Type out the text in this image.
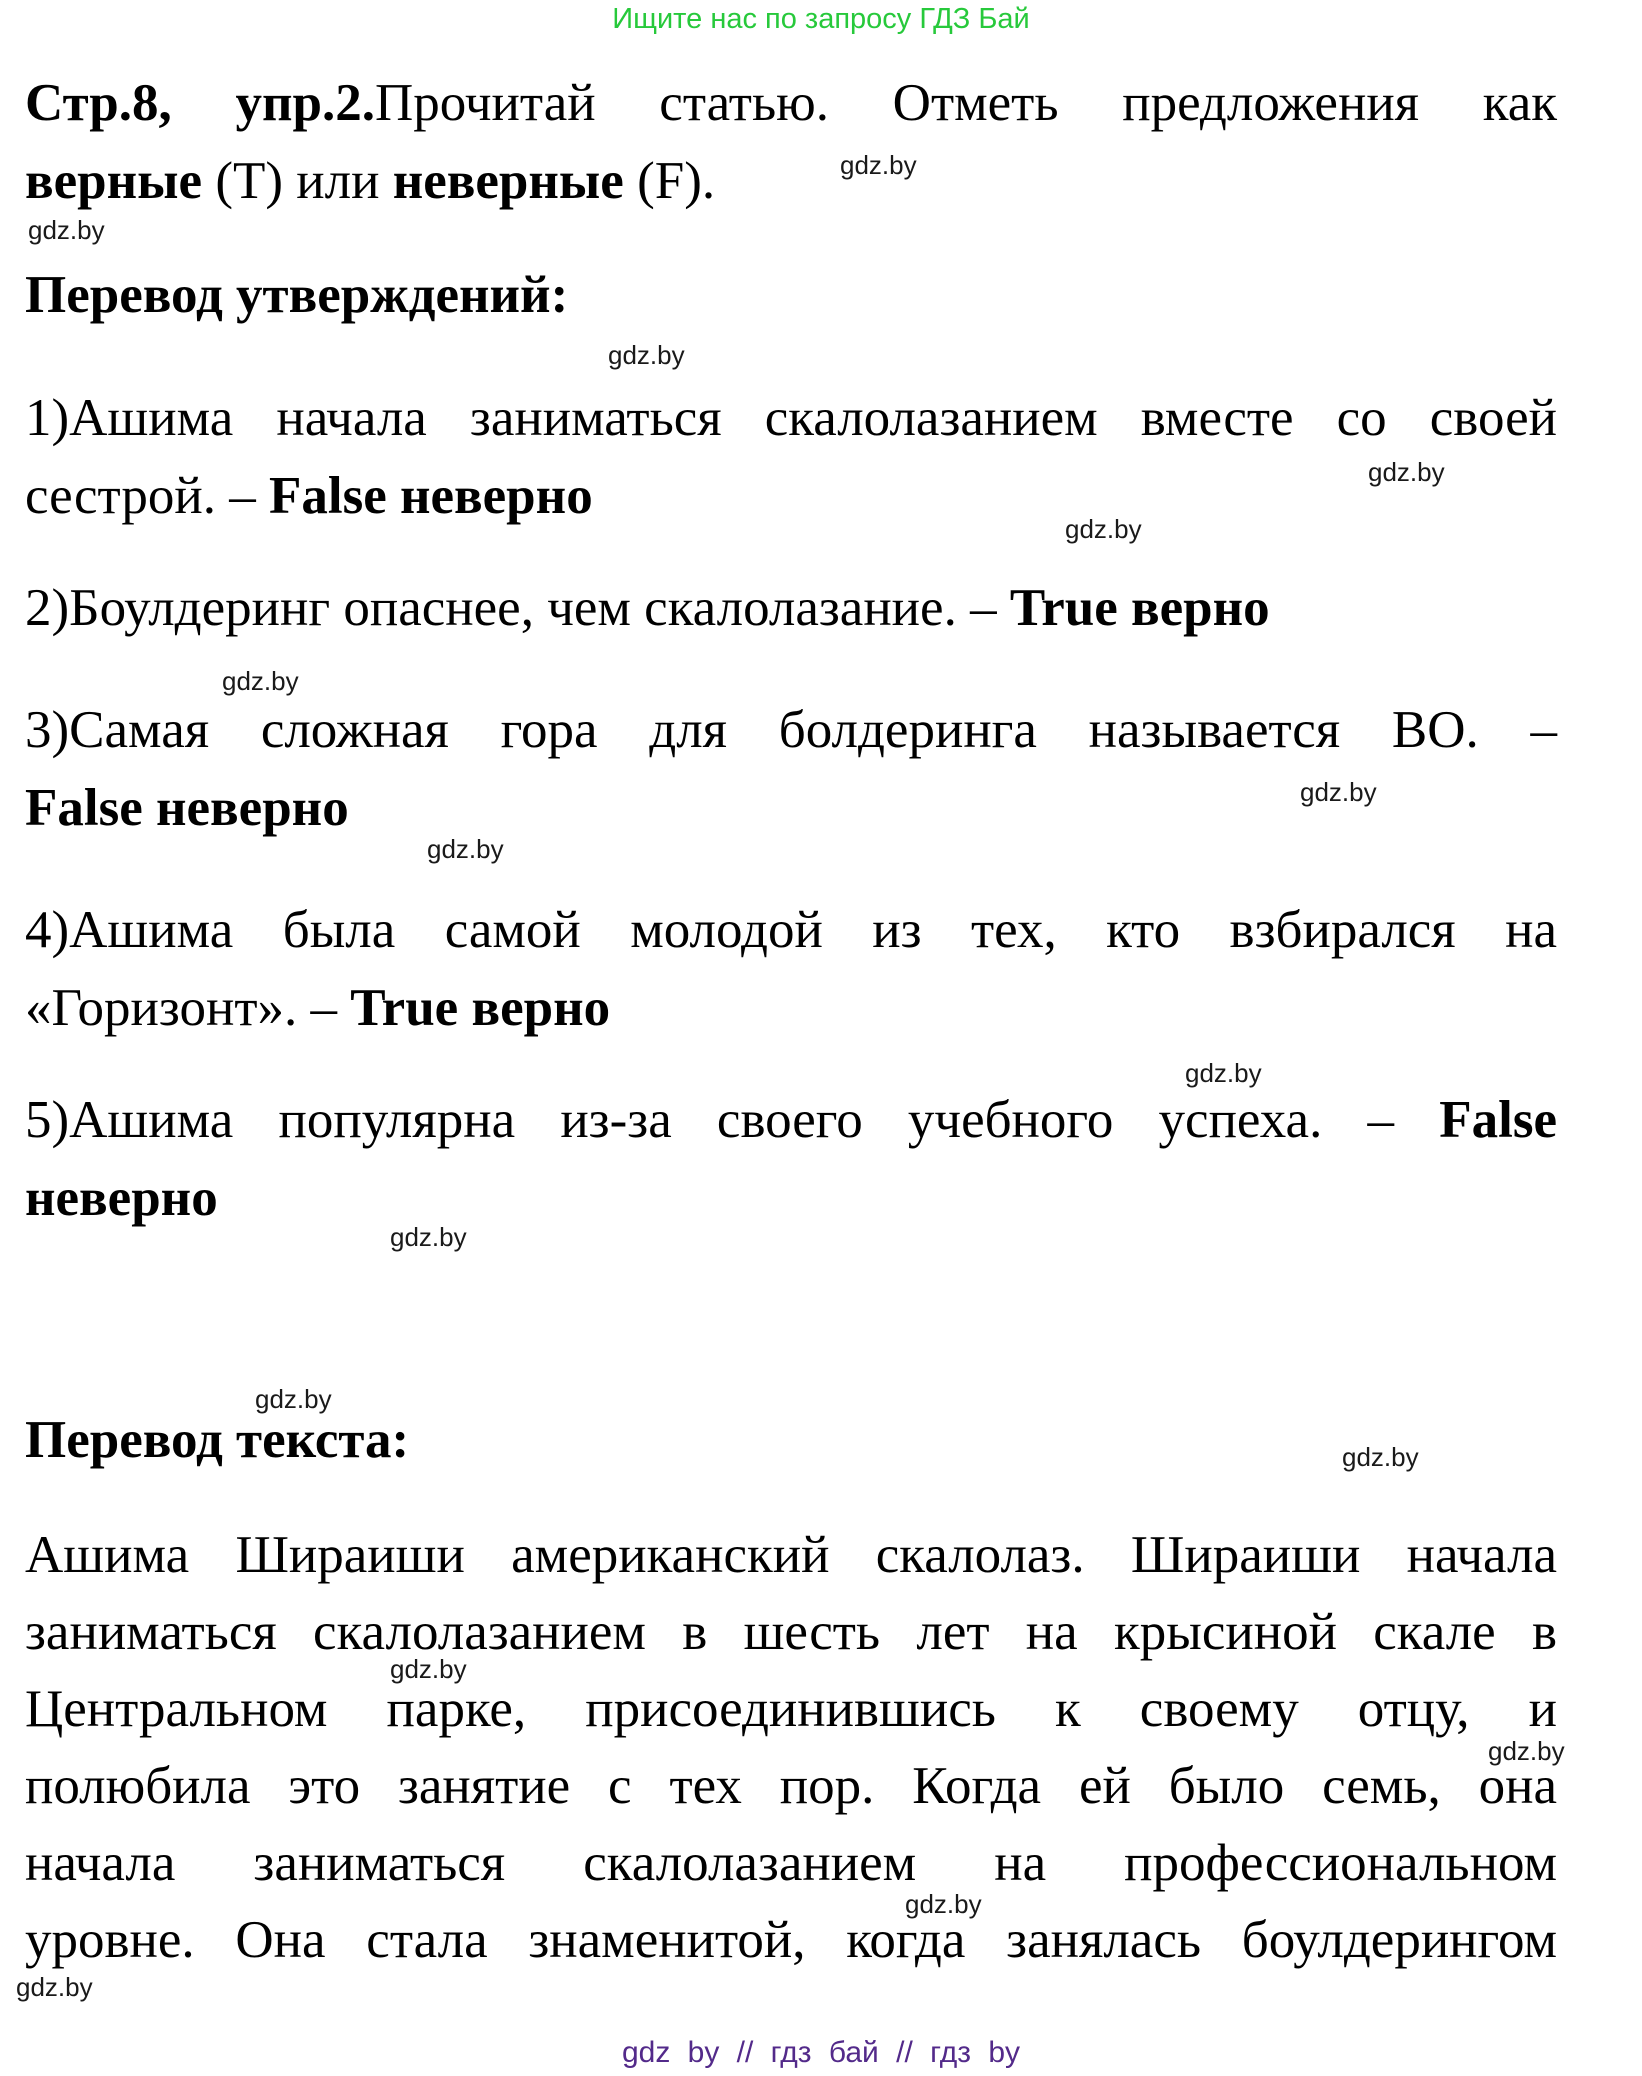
Ищите нас по запросу ГДЗ Бай
Стр.8, упр.2.Прочитай статью. Отметь предложения как
верные (Т) или неверные (F).	gdz.by
gdz.by
Перевод утверждений:
gdz.by
1)Ашима начала заниматься скалолазанием вместе со своей
сестрой. – False неверно	gdz.by
gdz.by
2)Боулдеринг опаснее, чем скалолазание. – True верно
gdz.by
3)Самая сложная гора для болдеринга называется ВО. –
False неверно	gdz.by
gdz.by
4)Ашима была самой молодой из тех, кто взбирался на
«Горизонт». – True верно
gdz.by
5)Ашима популярна из-за своего учебного успеха. – False
неверно
gdz.by
gdz.by
Перевод текста:	gdz.by
Ашима Шираиши американский скалолаз. Шираиши начала
заниматься скалолазанием в шесть лет на крысиной скале в
Центральном парке, присоединившись к своему отцу, и
полюбила это занятие с тех пор. Когда ей было семь, она
начала заниматься скалолазанием на профессиональном
уровне. Она стала знаменитой, когда занялась боулдерингом
gdz.by
gdz.by
gdz.by
gdz.by
gdz by // гдз бай // гдз by
